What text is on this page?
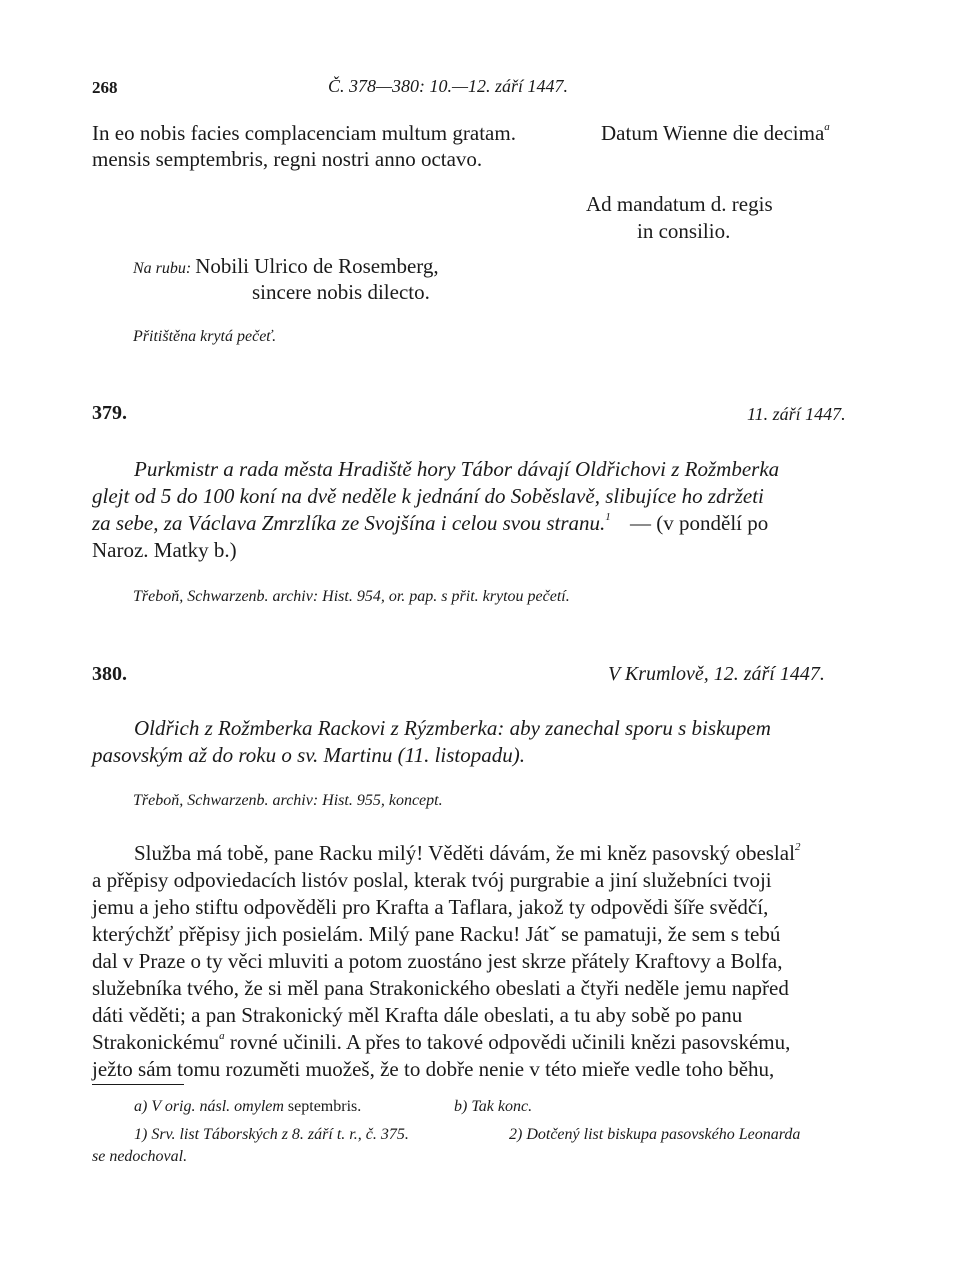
268	Č. 378—380: 10.—12. září 1447.
In eo nobis facies complacenciam multum gratam.	Datum Wienne die decima$^a$
mensis semptembris, regni nostri anno octavo.
Ad mandatum d. regis
in consilio.
Na rubu: Nobili Ulrico de Rosemberg,
sincere nobis dilecto.
Přitištěna krytá pečeť.
379.	11. září 1447.
Purkmistr a rada města Hradiště hory Tábor dávají Oldřichovi z Rožmberka
glejt od 5 do 100 koní na dvě neděle k jednání do Soběslavě, slibujíce ho zdržeti
za sebe, za Václava Zmrzlíka ze Svojšína i celou svou stranu.$^1$ — (v pondělí po
Naroz. Matky b.)
Třeboň, Schwarzenb. archiv: Hist. 954, or. pap. s přit. krytou pečetí.
380.	V Krumlově, 12. září 1447.
Oldřich z Rožmberka Rackovi z Rýzmberka: aby zanechal sporu s biskupem
pasovským až do roku o sv. Martinu (11. listopadu).
Třeboň, Schwarzenb. archiv: Hist. 955, koncept.
Služba má tobě, pane Racku milý! Věděti dávám, že mi kněz pasovský obeslal$^2$
a přěpisy odpoviedacích listóv poslal, kterak tvój purgrabie a jiní služebníci tvoji
jemu a jeho stiftu odpověděli pro Krafta a Taflara, jakož ty odpovědi šíře svědčí,
kterýchžť přěpisy jich posielám. Milý pane Racku! Játˇ se pamatuji, že sem s tebú
dal v Praze o ty věci mluviti a potom zuostáno jest skrze přátely Kraftovy a Bolfa,
služebníka tvého, že si měl pana Strakonického obeslati a čtyři neděle jemu napřed
dáti věděti; a pan Strakonický měl Krafta dále obeslati, a tu aby sobě po panu
Strakonickému$^a$ rovné učinili. A přes to takové odpovědi učinili knězi pasovskému,
ježto sám tomu rozuměti muožeš, že to dobře nenie v této mieře vedle toho běhu,
a) V orig. násl. omylem septembris.	b) Tak konc.
1) Srv. list Táborských z 8. září t. r., č. 375.	2) Dotčený list biskupa pasovského Leonarda
se nedochoval.
